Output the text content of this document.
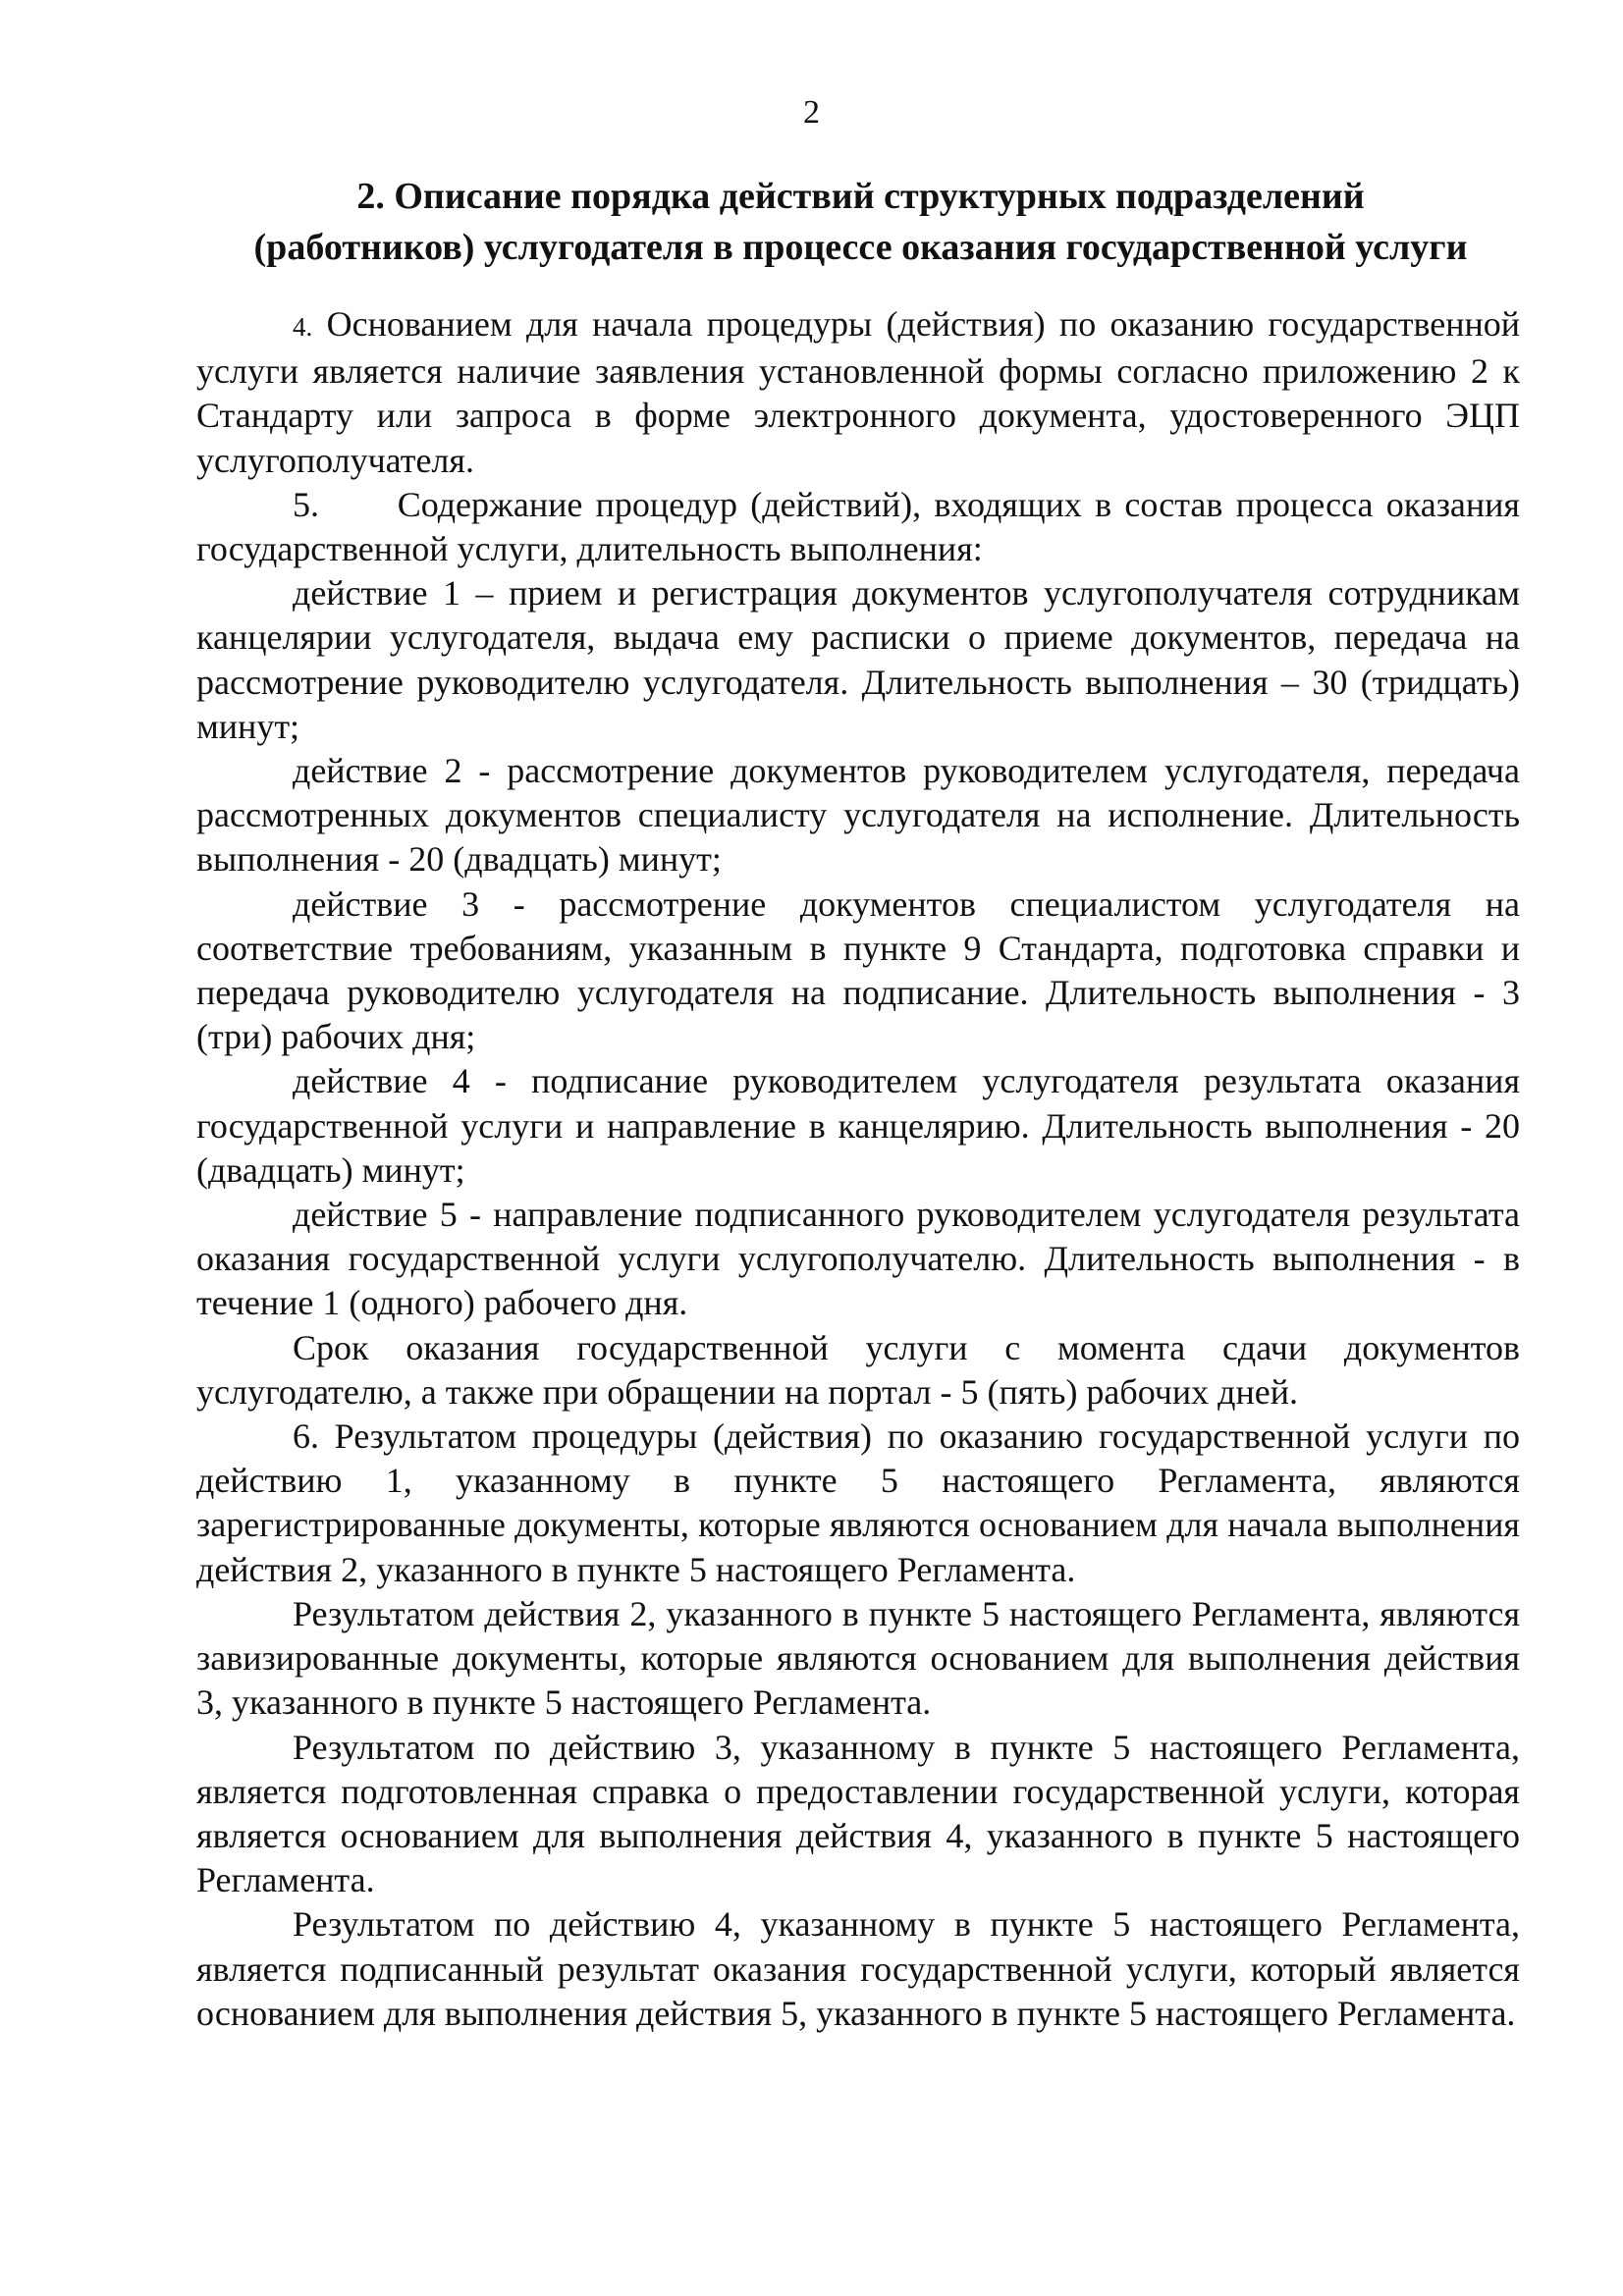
2
2. Описание порядка действий структурных подразделений
(работников) услугодателя в процессе оказания государственной услуги

4. Основанием для начала процедуры (действия) по оказанию государственной услуги является наличие заявления установленной формы согласно приложению 2 к Стандарту или запроса в форме электронного документа, удостоверенного ЭЦП услугополучателя.

5.      Содержание процедур (действий), входящих в состав процесса оказания государственной услуги, длительность выполнения:

действие 1 – прием и регистрация документов услугополучателя сотрудникам канцелярии услугодателя, выдача ему расписки о приеме документов, передача на рассмотрение руководителю услугодателя. Длительность выполнения – 30 (тридцать) минут;

действие 2 - рассмотрение документов руководителем услугодателя, передача рассмотренных документов специалисту услугодателя на исполнение. Длительность выполнения - 20 (двадцать) минут;

действие 3 - рассмотрение документов специалистом услугодателя на соответствие требованиям, указанным в пункте 9 Стандарта, подготовка справки и передача руководителю услугодателя на подписание. Длительность выполнения - 3 (три) рабочих дня;

действие 4 - подписание руководителем услугодателя результата оказания государственной услуги и направление в канцелярию. Длительность выполнения - 20 (двадцать) минут;

действие 5 - направление подписанного руководителем услугодателя результата оказания государственной услуги услугополучателю. Длительность выполнения - в течение 1 (одного) рабочего дня.

Срок оказания государственной услуги с момента сдачи документов услугодателю, а также при обращении на портал - 5 (пять) рабочих дней.

6. Результатом процедуры (действия) по оказанию государственной услуги по действию 1, указанному в пункте 5 настоящего Регламента, являются зарегистрированные документы, которые являются основанием для начала выполнения действия 2, указанного в пункте 5 настоящего Регламента.

Результатом действия 2, указанного в пункте 5 настоящего Регламента, являются завизированные документы, которые являются основанием для выполнения действия 3, указанного в пункте 5 настоящего Регламента.

Результатом по действию 3, указанному в пункте 5 настоящего Регламента, является подготовленная справка о предоставлении государственной услуги, которая является основанием для выполнения действия 4, указанного в пункте 5 настоящего Регламента.

Результатом по действию 4, указанному в пункте 5 настоящего Регламента, является подписанный результат оказания государственной услуги, который является основанием для выполнения действия 5, указанного в пункте 5 настоящего Регламента.
